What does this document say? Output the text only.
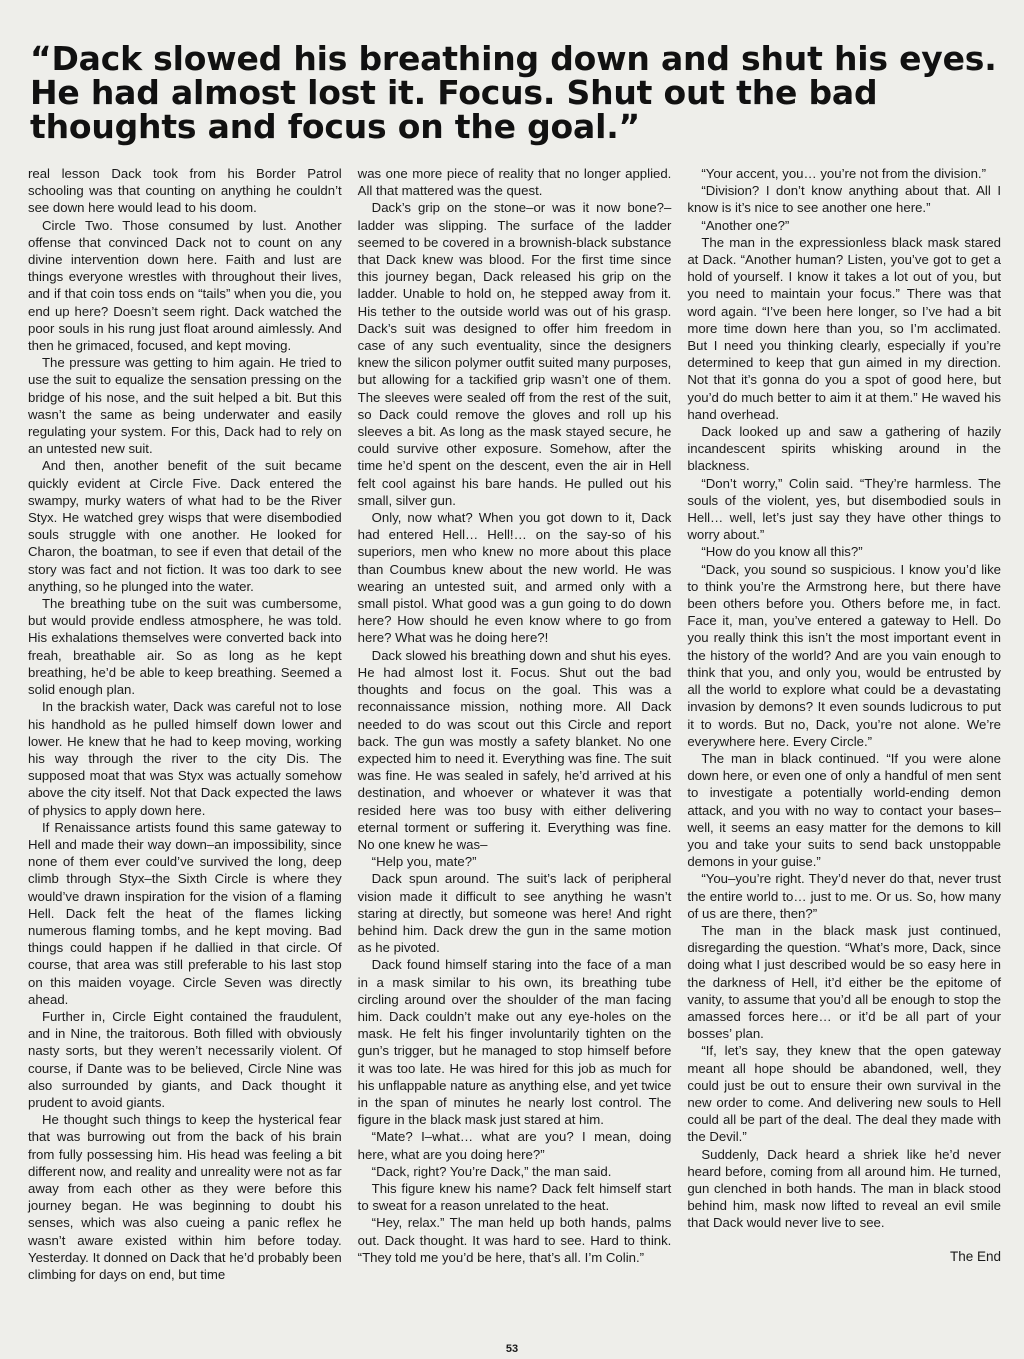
“Dack slowed his breathing down and shut his eyes. He had almost lost it. Focus. Shut out the bad thoughts and focus on the goal.”

real lesson Dack took from his Border Patrol schooling was that counting on anything he couldn’t see down here would lead to his doom.

Circle Two. Those consumed by lust. Another offense that convinced Dack not to count on any divine intervention down here. Faith and lust are things everyone wrestles with throughout their lives, and if that coin toss ends on “tails” when you die, you end up here? Doesn’t seem right. Dack watched the poor souls in his rung just float around aimlessly. And then he grimaced, focused, and kept moving.

The pressure was getting to him again. He tried to use the suit to equalize the sensation pressing on the bridge of his nose, and the suit helped a bit. But this wasn’t the same as being underwater and easily regulating your system. For this, Dack had to rely on an untested new suit.

And then, another benefit of the suit became quickly evident at Circle Five. Dack entered the swampy, murky waters of what had to be the River Styx. He watched grey wisps that were disembodied souls struggle with one another. He looked for Charon, the boatman, to see if even that detail of the story was fact and not fiction. It was too dark to see anything, so he plunged into the water.

The breathing tube on the suit was cumbersome, but would provide endless atmosphere, he was told. His exhalations themselves were converted back into freah, breathable air. So as long as he kept breathing, he’d be able to keep breathing. Seemed a solid enough plan.

In the brackish water, Dack was careful not to lose his handhold as he pulled himself down lower and lower. He knew that he had to keep moving, working his way through the river to the city Dis. The supposed moat that was Styx was actually somehow above the city itself. Not that Dack expected the laws of physics to apply down here.

If Renaissance artists found this same gateway to Hell and made their way down–an impossibility, since none of them ever could’ve survived the long, deep climb through Styx–the Sixth Circle is where they would’ve drawn inspiration for the vision of a flaming Hell. Dack felt the heat of the flames licking numerous flaming tombs, and he kept moving. Bad things could happen if he dallied in that circle. Of course, that area was still preferable to his last stop on this maiden voyage. Circle Seven was directly ahead.

Further in, Circle Eight contained the fraudulent, and in Nine, the traitorous. Both filled with obviously nasty sorts, but they weren’t necessarily violent. Of course, if Dante was to be believed, Circle Nine was also surrounded by giants, and Dack thought it prudent to avoid giants.

He thought such things to keep the hysterical fear that was burrowing out from the back of his brain from fully possessing him. His head was feeling a bit different now, and reality and unreality were not as far away from each other as they were before this journey began. He was beginning to doubt his senses, which was also cueing a panic reflex he wasn’t aware existed within him before today. Yesterday. It donned on Dack that he’d probably been climbing for days on end, but time

was one more piece of reality that no longer applied. All that mattered was the quest.

Dack’s grip on the stone–or was it now bone?–ladder was slipping. The surface of the ladder seemed to be covered in a brownish-black substance that Dack knew was blood. For the first time since this journey began, Dack released his grip on the ladder. Unable to hold on, he stepped away from it. His tether to the outside world was out of his grasp. Dack’s suit was designed to offer him freedom in case of any such eventuality, since the designers knew the silicon polymer outfit suited many purposes, but allowing for a tackified grip wasn’t one of them. The sleeves were sealed off from the rest of the suit, so Dack could remove the gloves and roll up his sleeves a bit. As long as the mask stayed secure, he could survive other exposure. Somehow, after the time he’d spent on the descent, even the air in Hell felt cool against his bare hands. He pulled out his small, silver gun.

Only, now what? When you got down to it, Dack had entered Hell… Hell!… on the say-so of his superiors, men who knew no more about this place than Coumbus knew about the new world. He was wearing an untested suit, and armed only with a small pistol. What good was a gun going to do down here? How should he even know where to go from here? What was he doing here?!

Dack slowed his breathing down and shut his eyes. He had almost lost it. Focus. Shut out the bad thoughts and focus on the goal. This was a reconnaissance mission, nothing more. All Dack needed to do was scout out this Circle and report back. The gun was mostly a safety blanket. No one expected him to need it. Everything was fine. The suit was fine. He was sealed in safely, he’d arrived at his destination, and whoever or whatever it was that resided here was too busy with either delivering eternal torment or suffering it. Everything was fine. No one knew he was–

“Help you, mate?”

Dack spun around. The suit’s lack of peripheral vision made it difficult to see anything he wasn’t staring at directly, but someone was here! And right behind him. Dack drew the gun in the same motion as he pivoted.

Dack found himself staring into the face of a man in a mask similar to his own, its breathing tube circling around over the shoulder of the man facing him. Dack couldn’t make out any eye-holes on the mask. He felt his finger involuntarily tighten on the gun’s trigger, but he managed to stop himself before it was too late. He was hired for this job as much for his unflappable nature as anything else, and yet twice in the span of minutes he nearly lost control. The figure in the black mask just stared at him.

“Mate? I–what… what are you? I mean, doing here, what are you doing here?”

“Dack, right? You’re Dack,” the man said.

This figure knew his name? Dack felt himself start to sweat for a reason unrelated to the heat.

“Hey, relax.” The man held up both hands, palms out. Dack thought. It was hard to see. Hard to think. “They told me you’d be here, that’s all. I’m Colin.”

“Your accent, you… you’re not from the division.”

“Division? I don’t know anything about that. All I know is it’s nice to see another one here.”

“Another one?”

The man in the expressionless black mask stared at Dack. “Another human? Listen, you’ve got to get a hold of yourself. I know it takes a lot out of you, but you need to maintain your focus.” There was that word again. “I’ve been here longer, so I’ve had a bit more time down here than you, so I’m acclimated. But I need you thinking clearly, especially if you’re determined to keep that gun aimed in my direction. Not that it’s gonna do you a spot of good here, but you’d do much better to aim it at them.” He waved his hand overhead.

Dack looked up and saw a gathering of hazily incandescent spirits whisking around in the blackness.

“Don’t worry,” Colin said. “They’re harmless. The souls of the violent, yes, but disembodied souls in Hell… well, let’s just say they have other things to worry about.”

“How do you know all this?”

“Dack, you sound so suspicious. I know you’d like to think you’re the Armstrong here, but there have been others before you. Others before me, in fact. Face it, man, you’ve entered a gateway to Hell. Do you really think this isn’t the most important event in the history of the world? And are you vain enough to think that you, and only you, would be entrusted by all the world to explore what could be a devastating invasion by demons? It even sounds ludicrous to put it to words. But no, Dack, you’re not alone. We’re everywhere here. Every Circle.”

The man in black continued. “If you were alone down here, or even one of only a handful of men sent to investigate a potentially world-ending demon attack, and you with no way to contact your bases–well, it seems an easy matter for the demons to kill you and take your suits to send back unstoppable demons in your guise.”

“You–you’re right. They’d never do that, never trust the entire world to… just to me. Or us. So, how many of us are there, then?”

The man in the black mask just continued, disregarding the question. “What’s more, Dack, since doing what I just described would be so easy here in the darkness of Hell, it’d either be the epitome of vanity, to assume that you’d all be enough to stop the amassed forces here… or it’d be all part of your bosses’ plan.

“If, let’s say, they knew that the open gateway meant all hope should be abandoned, well, they could just be out to ensure their own survival in the new order to come. And delivering new souls to Hell could all be part of the deal. The deal they made with the Devil.”

Suddenly, Dack heard a shriek like he’d never heard before, coming from all around him. He turned, gun clenched in both hands. The man in black stood behind him, mask now lifted to reveal an evil smile that Dack would never live to see.

The End
53
